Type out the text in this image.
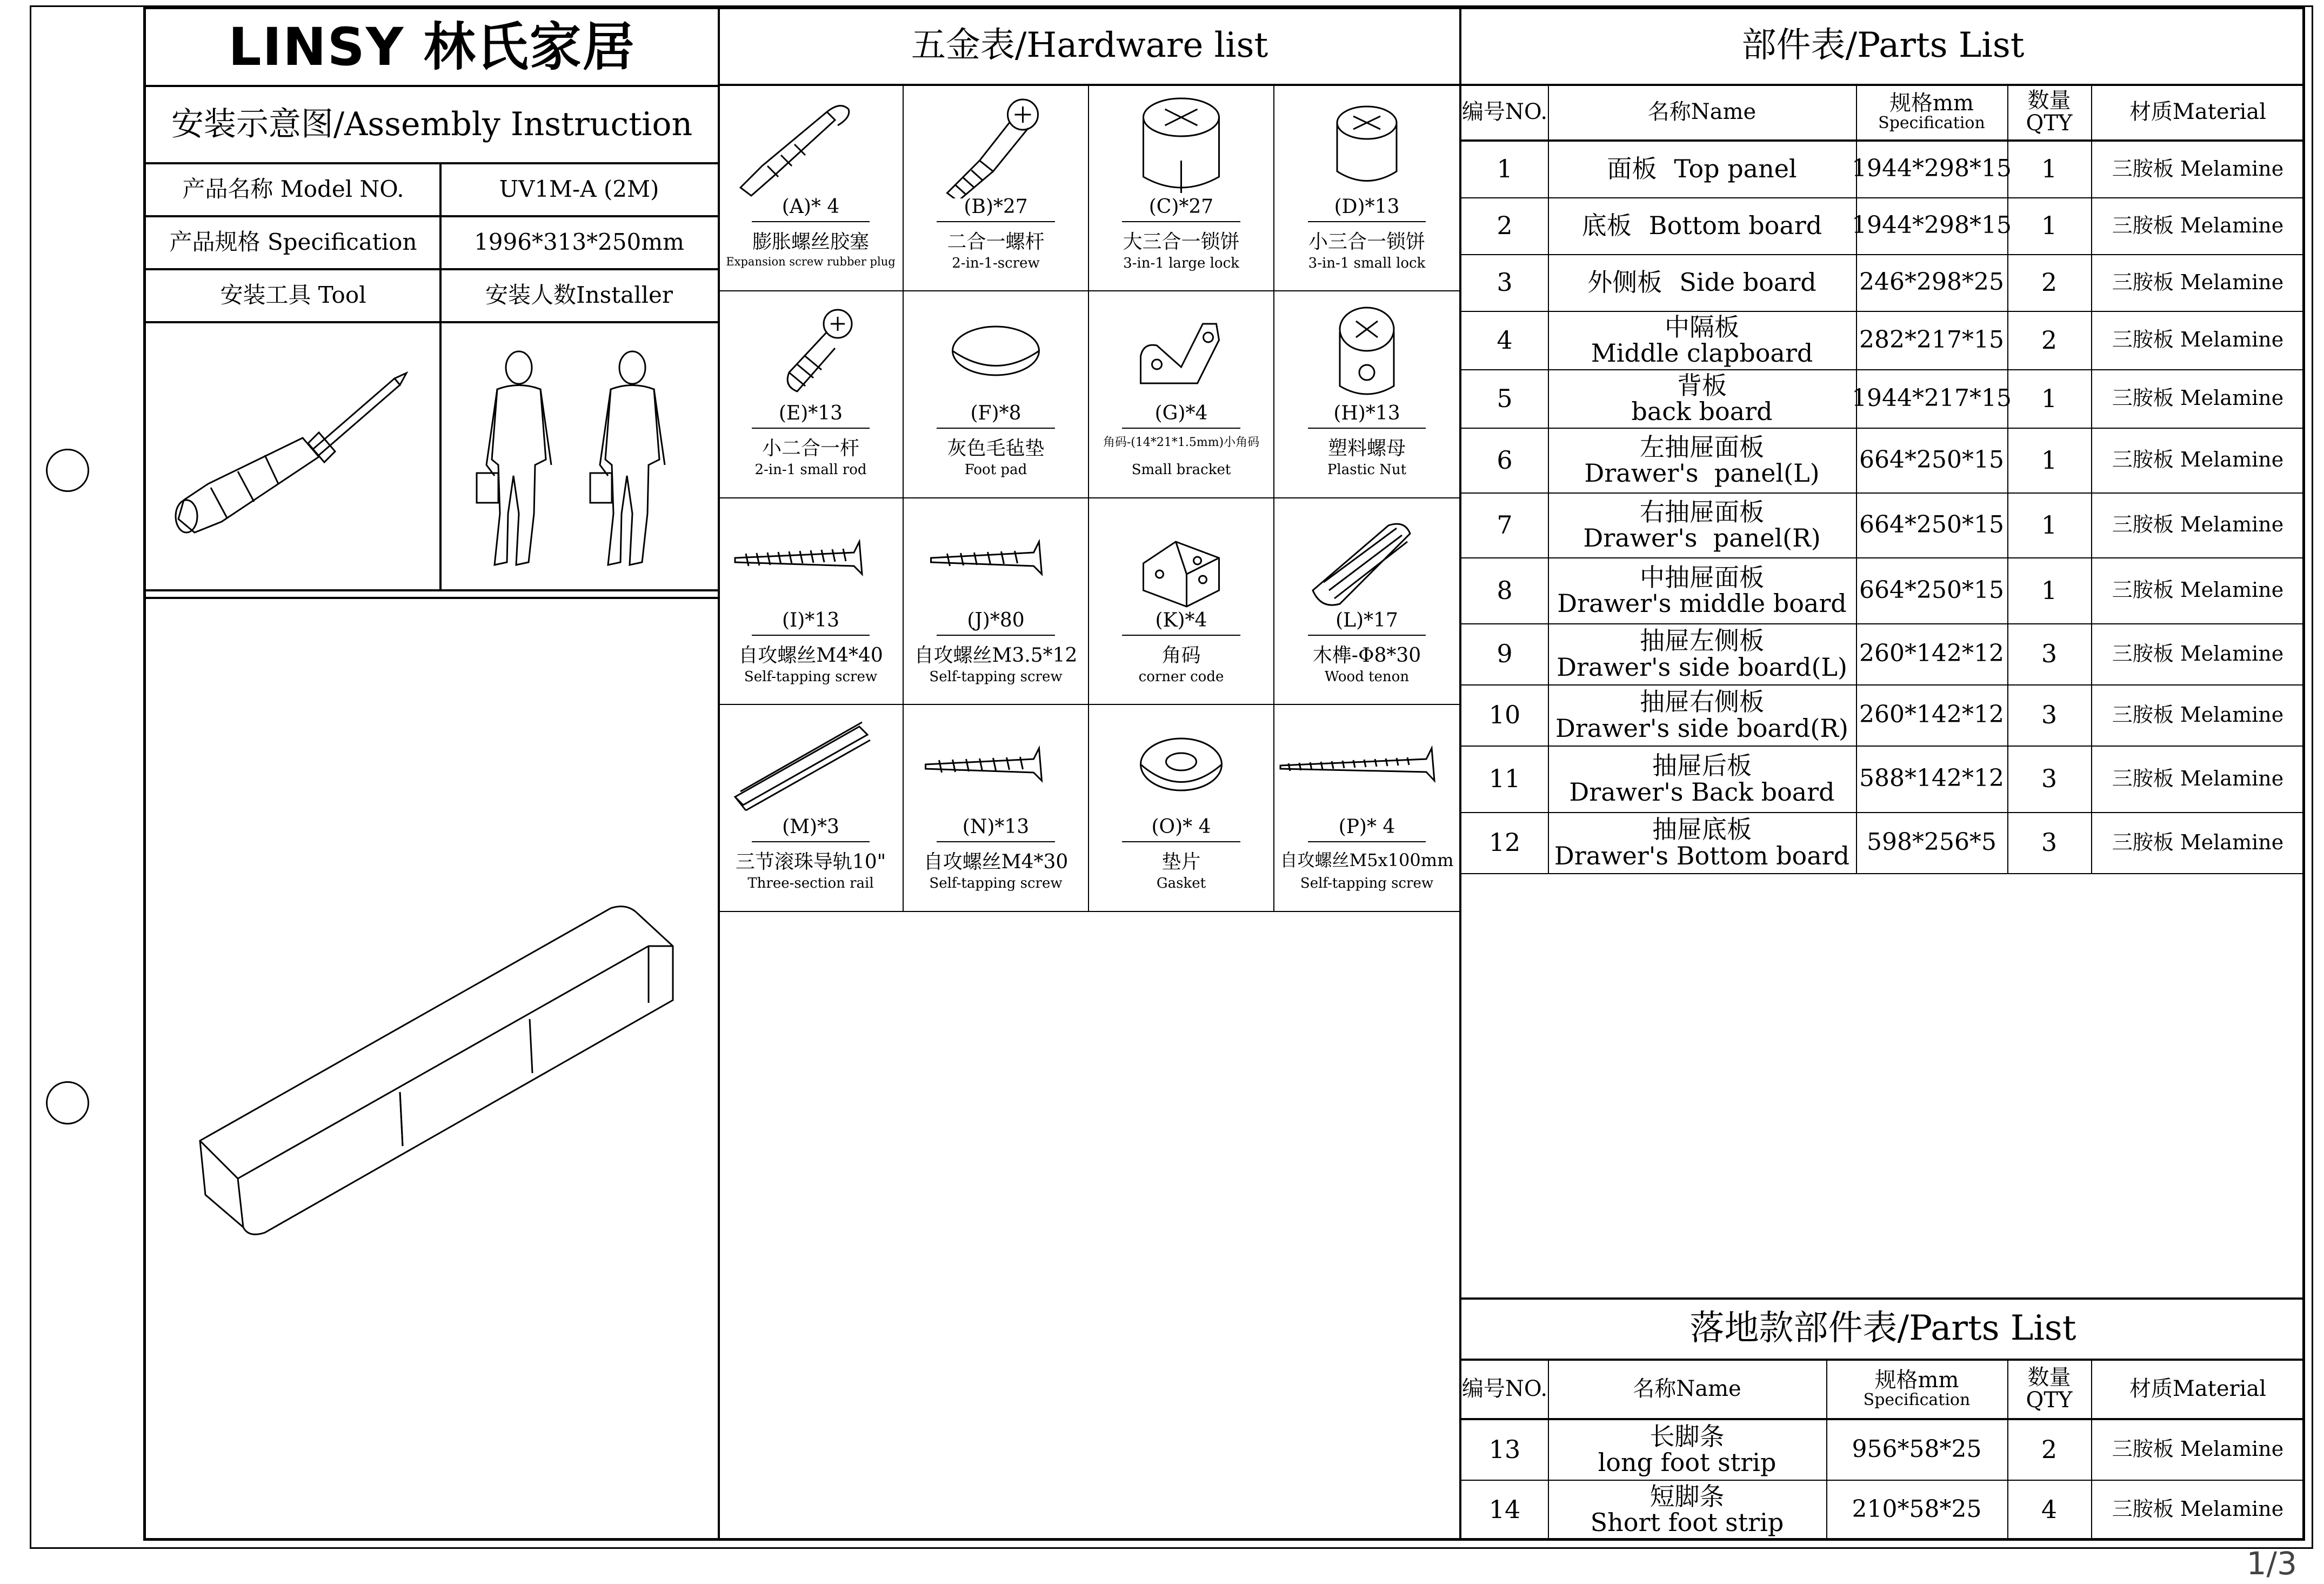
LINSY 林氏家居
安装示意图/Assembly Instruction
产品名称 Model NO.	UV1M-A (2M)
产品规格 Specification	1996*313*250mm
安装工具 Tool	安装人数Installer
五金表/Hardware list
(A)* 4
膨胀螺丝胶塞
Expansion screw rubber plug
(B)*27
二合一螺杆
2-in-1-screw
(C)*27
大三合一锁饼
3-in-1 large lock
(D)*13
小三合一锁饼
3-in-1 small lock
(E)*13
小二合一杆
2-in-1 small rod
(F)*8
灰色毛毡垫
Foot pad
(G)*4
角码-(14*21*1.5mm)小角码
Small bracket
(H)*13
塑料螺母
Plastic Nut
(I)*13
自攻螺丝M4*40
Self-tapping screw
(J)*80
自攻螺丝M3.5*12
Self-tapping screw
(K)*4
角码
corner code
(L)*17
木榫-Φ8*30
Wood tenon
(M)*3
三节滚珠导轨10"
Three-section rail
(N)*13
自攻螺丝M4*30
Self-tapping screw
(O)* 4
垫片
Gasket
(P)* 4
自攻螺丝M5x100mm
Self-tapping screw
部件表/Parts List
编号NO.	名称Name	规格mm
Specification
数量QTY	材质Material
1	面板 Top panel 1944*298*15	1	三胺板 Melamine
2	底板 Bottom board 1944*298*15	1	三胺板 Melamine
3	外侧板 Side board 246*298*25	2	三胺板 Melamine
4	中隔板
Middle clapboard 282*217*15	2	三胺板 Melamine
5	背板
back board	1944*217*15	1	三胺板 Melamine
6	左抽屉面板
Drawer's  panel(L) 664*250*15	1	三胺板 Melamine
7	右抽屉面板
Drawer's  panel(R) 664*250*15	1	三胺板 Melamine
8	中抽屉面板
Drawer's middle board 664*250*15	1	三胺板 Melamine
9	抽屉左侧板
Drawer's side board(L) 260*142*12	3	三胺板 Melamine
10	抽屉右侧板
Drawer's side board(R) 260*142*12	3	三胺板 Melamine
11	抽屉后板
Drawer's Back board 588*142*12	3	三胺板 Melamine
12	抽屉底板
Drawer's Bottom board 598*256*5	3	三胺板 Melamine
落地款部件表/Parts List
编号NO.	名称Name	规格mm
Specification
数量QTY	材质Material
13	长脚条
long foot strip	956*58*25	2	三胺板 Melamine
14	短脚条
Short foot strip	210*58*25	4	三胺板 Melamine
1/3
